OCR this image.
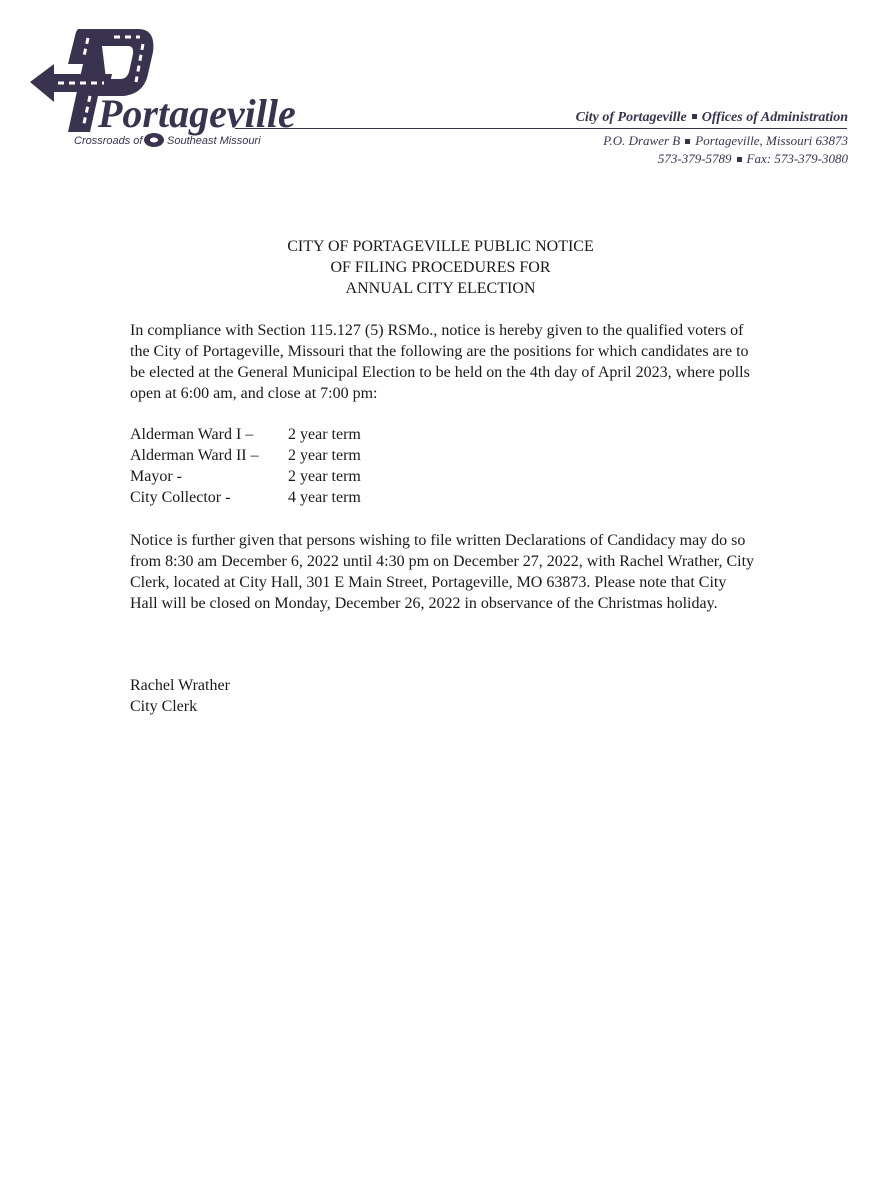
Portageville
Crossroads of Southeast Missouri
City of Portageville Offices of Administration
P.O. Drawer B Portageville, Missouri 63873
573-379-5789 Fax: 573-379-3080
CITY OF PORTAGEVILLE PUBLIC NOTICE
OF FILING PROCEDURES FOR
ANNUAL CITY ELECTION

In compliance with Section 115.127 (5) RSMo., notice is hereby given to the qualified voters of the City of Portageville, Missouri that the following are the positions for which candidates are to be elected at the General Municipal Election to be held on the 4th day of April 2023, where polls open at 6:00 am, and close at 7:00 pm:

Alderman Ward I –	2 year term
Alderman Ward II –	2 year term
Mayor -	2 year term
City Collector -	4 year term

Notice is further given that persons wishing to file written Declarations of Candidacy may do so from 8:30 am December 6, 2022 until 4:30 pm on December 27, 2022, with Rachel Wrather, City Clerk, located at City Hall, 301 E Main Street, Portageville, MO 63873. Please note that City Hall will be closed on Monday, December 26, 2022 in observance of the Christmas holiday.

Rachel Wrather
City Clerk
